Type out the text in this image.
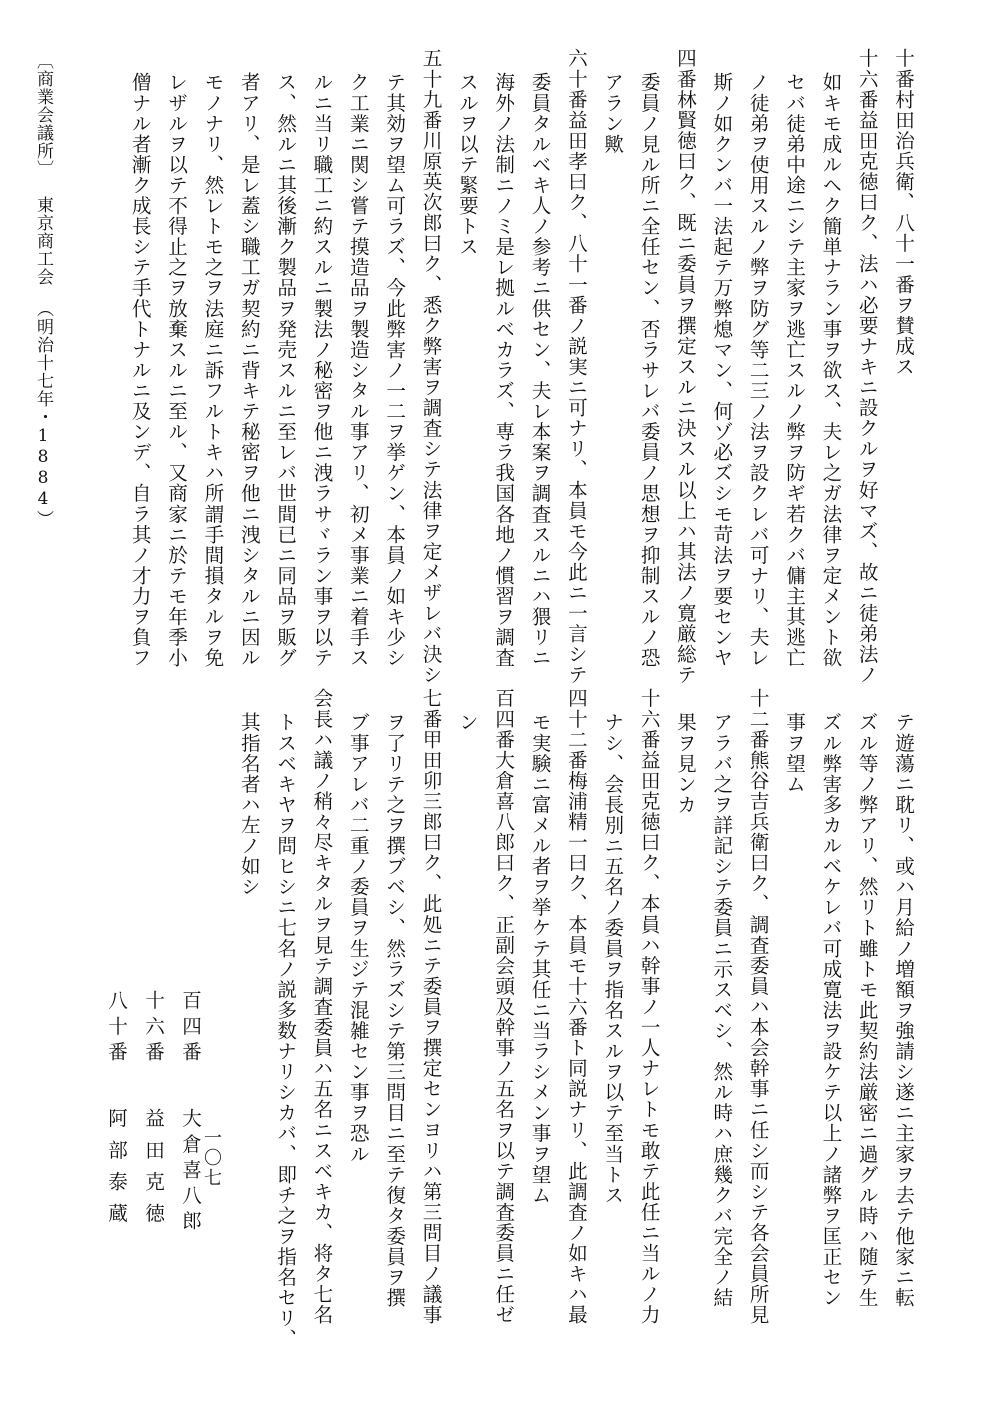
十番村田治兵衛、八十一番ヲ賛成ス
十六番益田克徳曰ク、法ハ必要ナキニ設クルヲ好マズ、故ニ徒弟法ノ
如キモ成ルヘク簡単ナラン事ヲ欲ス、夫レ之ガ法律ヲ定メント欲
セバ徒弟中途ニシテ主家ヲ逃亡スルノ弊ヲ防ギ若クバ傭主其逃亡
ノ徒弟ヲ使用スルノ弊ヲ防グ等二三ノ法ヲ設クレバ可ナリ、夫レ
斯ノ如クンバ一法起テ万弊熄マン、何ゾ必ズシモ苛法ヲ要センヤ
四番林賢徳曰ク、既ニ委員ヲ撰定スルニ決スル以上ハ其法ノ寛厳総テ
委員ノ見ル所ニ全任セン、否ラサレバ委員ノ思想ヲ抑制スルノ恐
アラン歟
六十番益田孝曰ク、八十一番ノ説実ニ可ナリ、本員モ今此ニ一言シテ
委員タルベキ人ノ参考ニ供セン、夫レ本案ヲ調査スルニハ猥リニ
海外ノ法制ニノミ是レ拠ルベカラズ、専ラ我国各地ノ慣習ヲ調査
スルヲ以テ緊要トス
五十九番川原英次郎曰ク、悉ク弊害ヲ調査シテ法律ヲ定メザレバ決シ
テ其効ヲ望ム可ラズ、今此弊害ノ一二ヲ挙ゲン、本員ノ如キ少シ
ク工業ニ関シ嘗テ摸造品ヲ製造シタル事アリ、初メ事業ニ着手ス
ルニ当リ職工ニ約スルニ製法ノ秘密ヲ他ニ洩ラサヾラン事ヲ以テ
ス、然ルニ其後漸ク製品ヲ発売スルニ至レバ世間已ニ同品ヲ販グ
者アリ、是レ蓋シ職工ガ契約ニ背キテ秘密ヲ他ニ洩シタルニ因ル
モノナリ、然レトモ之ヲ法庭ニ訴フルトキハ所謂手間損タルヲ免
レザルヲ以テ不得止之ヲ放棄スルニ至ル、又商家ニ於テモ年季小
僧ナル者漸ク成長シテ手代トナルニ及ンデ、自ラ其ノ才力ヲ負フ
テ遊蕩ニ耽リ、或ハ月給ノ増額ヲ強請シ遂ニ主家ヲ去テ他家ニ転
ズル等ノ弊アリ、然リト雖トモ此契約法厳密ニ過グル時ハ随テ生
ズル弊害多カルベケレバ可成寛法ヲ設ケテ以上ノ諸弊ヲ匡正セン
事ヲ望ム
十二番熊谷吉兵衛曰ク、調査委員ハ本会幹事ニ任シ而シテ各会員所見
アラバ之ヲ詳記シテ委員ニ示スベシ、然ル時ハ庶幾クバ完全ノ結
果ヲ見ンカ
十六番益田克徳曰ク、本員ハ幹事ノ一人ナレトモ敢テ此任ニ当ルノ力
ナシ、会長別ニ五名ノ委員ヲ指名スルヲ以テ至当トス
四十二番梅浦精一曰ク、本員モ十六番ト同説ナリ、此調査ノ如キハ最
モ実験ニ富メル者ヲ挙ケテ其任ニ当ラシメン事ヲ望ム
百四番大倉喜八郎曰ク、正副会頭及幹事ノ五名ヲ以テ調査委員ニ任ゼ
ン
七番甲田卯三郎曰ク、此処ニテ委員ヲ撰定センヨリハ第三問目ノ議事
ヲ了リテ之ヲ撰ブベシ、然ラズシテ第三問目ニ至テ復タ委員ヲ撰
ブ事アレバ二重ノ委員ヲ生ジテ混雑セン事ヲ恐ル
会長ハ議ノ稍々尽キタルヲ見テ調査委員ハ五名ニスベキカ、将タ七名
トスベキヤヲ問ヒシニ七名ノ説多数ナリシカバ、即チ之ヲ指名セリ、
其指名者ハ左ノ如シ
百四番
大倉喜八郎
十六番
益田克徳
八十番
阿部泰蔵	一〇七
〔商業会議所〕東京商工会（明治十七年・1884）
